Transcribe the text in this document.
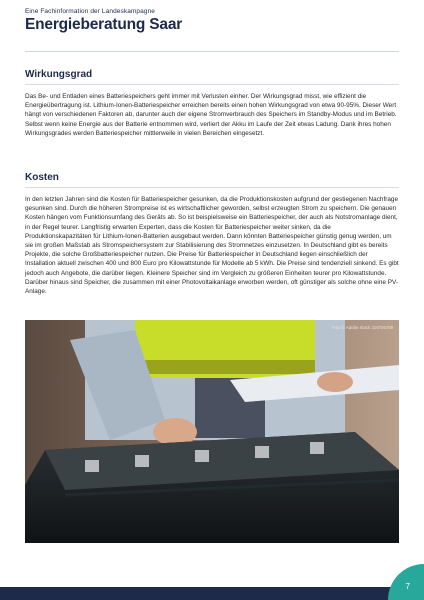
Eine Fachinformation der Landeskampagne
Energieberatung Saar
Wirkungsgrad

Das Be- und Entladen eines Batteriespeichers geht immer mit Verlusten einher. Der Wirkungsgrad misst, wie effizient die Energieübertragung ist. Lithium-Ionen-Batteriespeicher erreichen bereits einen hohen Wirkungsgrad von etwa 90-95%. Dieser Wert hängt von verschiedenen Faktoren ab, darunter auch der eigene Stromverbrauch des Speichers im Standby-Modus und im Betrieb. Selbst wenn keine Energie aus der Batterie entnommen wird, verliert der Akku im Laufe der Zeit etwas Ladung. Dank ihres hohen Wirkungsgrades werden Batteriespeicher mittlerweile in vielen Bereichen eingesetzt.

Kosten

In den letzten Jahren sind die Kosten für Batteriespeicher gesunken, da die Produktionskosten aufgrund der gestiegenen Nachfrage gesunken sind. Durch die höheren Strompreise ist es wirtschaftlicher geworden, selbst erzeugten Strom zu speichern. Die genauen Kosten hängen vom Funktionsumfang des Geräts ab. So ist beispielsweise ein Batteriespeicher, der auch als Notstromanlage dient, in der Regel teurer. Langfristig erwarten Experten, dass die Kosten für Batteriespeicher weiter sinken, da die Produktionskapazitäten für Lithium-Ionen-Batterien ausgebaut werden. Dann könnten Batteriespeicher günstig genug werden, um sie im großen Maßstab als Stromspeichersystem zur Stabilisierung des Stromnetzes einzusetzen. In Deutschland gibt es bereits Projekte, die solche Großbatteriespeicher nutzen. Die Preise für Batteriespeicher in Deutschland liegen einschließlich der Installation aktuell zwischen 400 und 800 Euro pro Kilowattstunde für Modelle ab 5 kWh. Die Preise sind tendenziell sinkend. Es gibt jedoch auch Angebote, die darüber liegen. Kleinere Speicher sind im Vergleich zu größeren Einheiten teurer pro Kilowattstunde. Darüber hinaus sind Speicher, die zusammen mit einer Photovoltaikanlage erworben werden, oft günstiger als solche ohne eine PV-Anlage.

Foto © Adobe Stock 319706789
7
